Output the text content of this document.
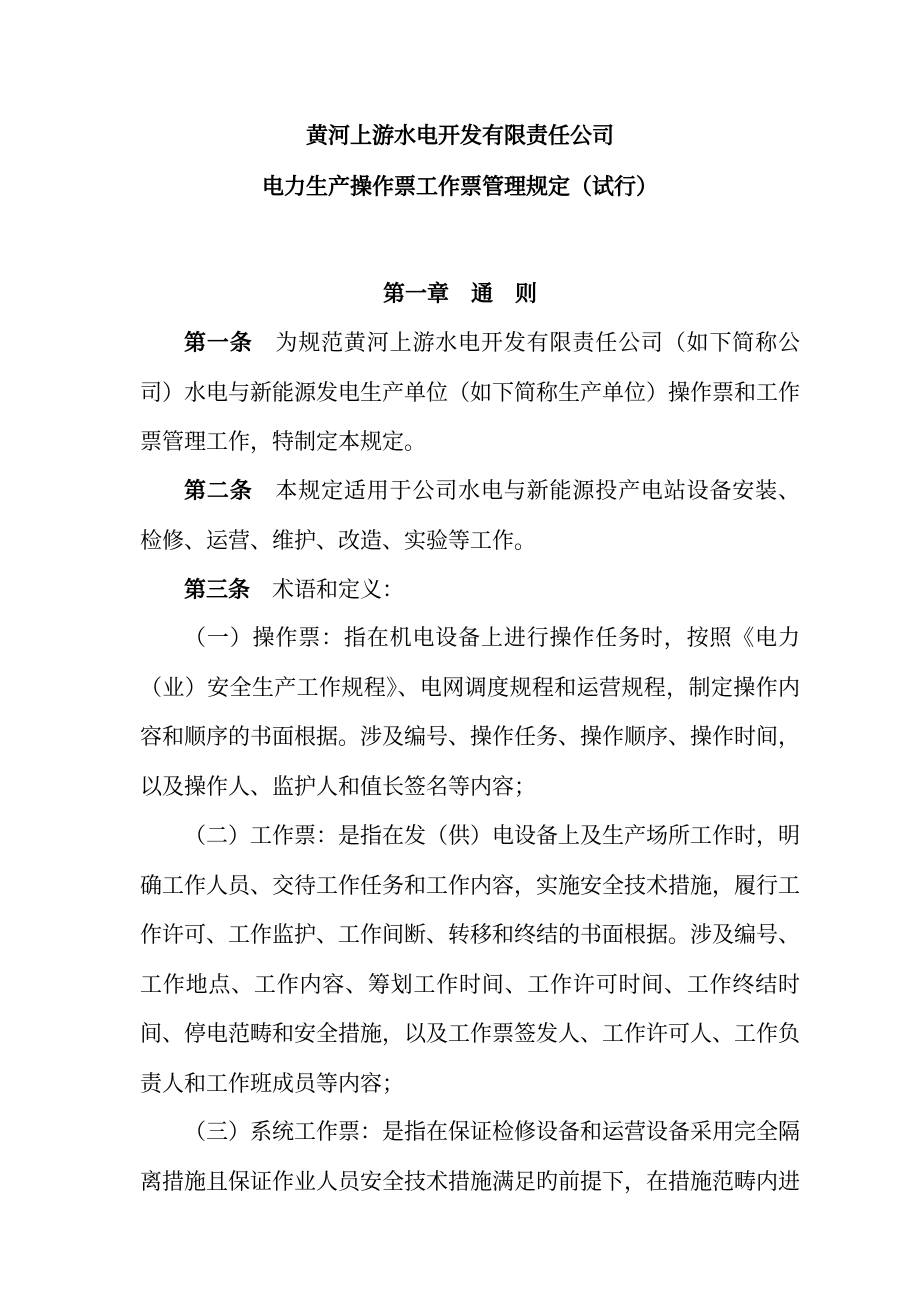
黄河上游水电开发有限责任公司
电力生产操作票工作票管理规定（试行）
第一章　通　则
第一条 为规范黄河上游水电开发有限责任公司（如下简称公司）水电与新能源发电生产单位（如下简称生产单位）操作票和工作票管理工作，特制定本规定。
第二条 本规定适用于公司水电与新能源投产电站设备安装、检修、运营、维护、改造、实验等工作。
第三条 术语和定义：
（一）操作票：指在机电设备上进行操作任务时，按照《电力（业）安全生产工作规程》、电网调度规程和运营规程，制定操作内容和顺序的书面根据。涉及编号、操作任务、操作顺序、操作时间，以及操作人、监护人和值长签名等内容；
（二）工作票：是指在发（供）电设备上及生产场所工作时，明确工作人员、交待工作任务和工作内容，实施安全技术措施，履行工作许可、工作监护、工作间断、转移和终结的书面根据。涉及编号、工作地点、工作内容、筹划工作时间、工作许可时间、工作终结时间、停电范畴和安全措施，以及工作票签发人、工作许可人、工作负责人和工作班成员等内容；
（三）系统工作票：是指在保证检修设备和运营设备采用完全隔离措施且保证作业人员安全技术措施满足旳前提下，在措施范畴内进
